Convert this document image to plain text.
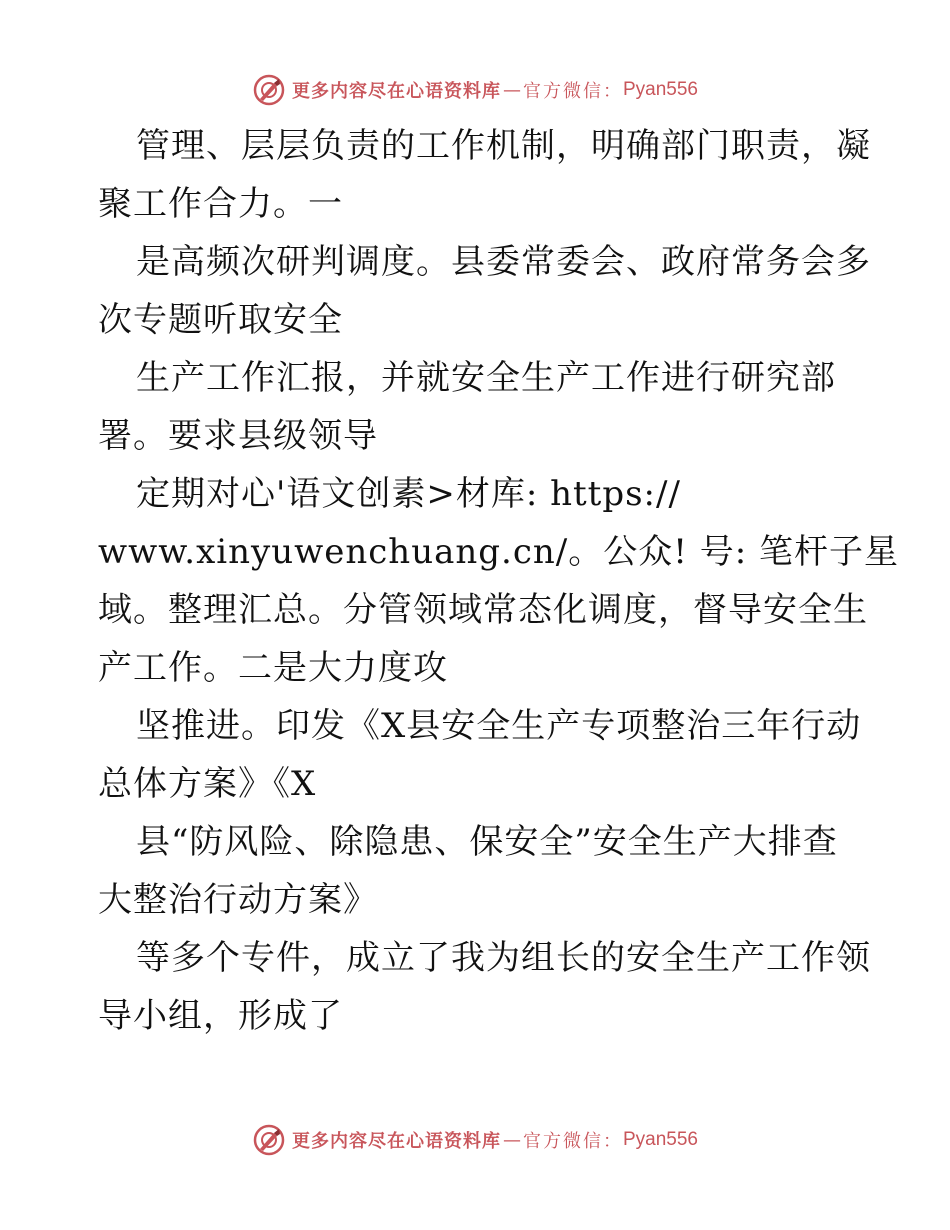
更多内容尽在心语资料库 — 官方微信： Pyan556

管理、层层负责的工作机制，明确部门职责，凝

聚工作合力。一

是高频次研判调度。县委常委会、政府常务会多

次专题听取安全

生产工作汇报，并就安全生产工作进行研究部

署。要求县级领导

定期对心'语文创素>材库: https://

www.xinyuwenchuang.cn/。公众! 号: 笔杆子星

域。整理汇总。分管领域常态化调度，督导安全生

产工作。二是大力度攻

坚推进。印发《X县安全生产专项整治三年行动

总体方案》《X

县“防风险、除隐患、保安全”安全生产大排查

大整治行动方案》

等多个专件，成立了我为组长的安全生产工作领

导小组，形成了

更多内容尽在心语资料库 — 官方微信： Pyan556
